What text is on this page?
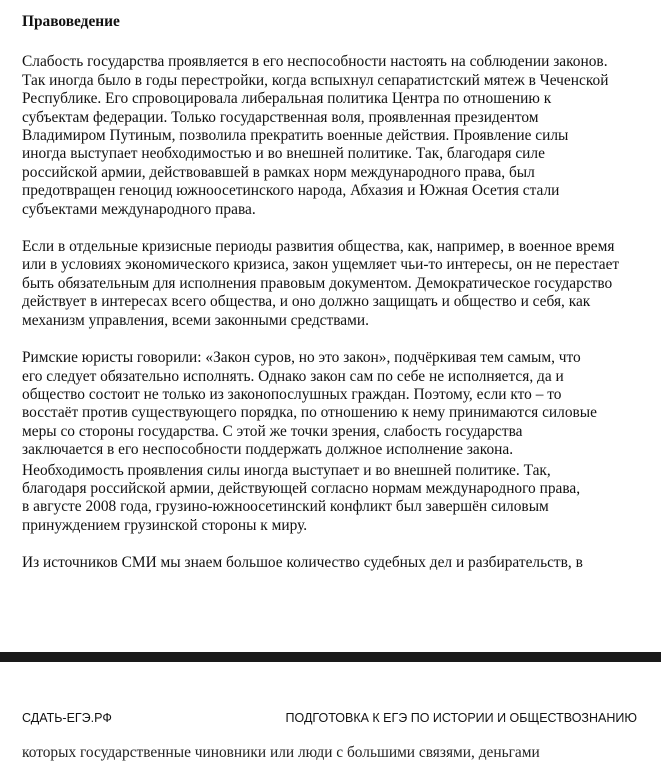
Правоведение

Слабость государства проявляется в его неспособности настоять на соблюдении законов.
Так иногда было в годы перестройки, когда вспыхнул сепаратистский мятеж в Чеченской
Республике. Его спровоцировала либеральная политика Центра по отношению к
субъектам федерации. Только государственная воля, проявленная президентом
Владимиром Путиным, позволила прекратить военные действия. Проявление силы
иногда выступает необходимостью и во внешней политике. Так, благодаря силе
российской армии, действовавшей в рамках норм международного права, был
предотвращен геноцид южноосетинского народа, Абхазия и Южная Осетия стали
субъектами международного права.

Если в отдельные кризисные периоды развития общества, как, например, в военное время
или в условиях экономического кризиса, закон ущемляет чьи-то интересы, он не перестает
быть обязательным для исполнения правовым документом. Демократическое государство
действует в интересах всего общества, и оно должно защищать и общество и себя, как
механизм управления, всеми законными средствами.

Римские юристы говорили: «Закон суров, но это закон», подчёркивая тем самым, что
его следует обязательно исполнять. Однако закон сам по себе не исполняется, да и
общество состоит не только из законопослушных граждан. Поэтому, если кто – то
восстаёт против существующего порядка, по отношению к нему принимаются силовые
меры со стороны государства. С этой же точки зрения, слабость государства
заключается в его неспособности поддержать должное исполнение закона.

Необходимость проявления силы иногда выступает и во внешней политике. Так,
благодаря российской армии, действующей согласно нормам международного права,
в августе 2008 года, грузино-южноосетинский конфликт был завершён силовым
принуждением грузинской стороны к миру.

Из источников СМИ мы знаем большое количество судебных дел и разбирательств, в

СДАТЬ-ЕГЭ.РФ	ПОДГОТОВКА К ЕГЭ ПО ИСТОРИИ И ОБЩЕСТВОЗНАНИЮ
которых государственные чиновники или люди с большими связями, деньгами
